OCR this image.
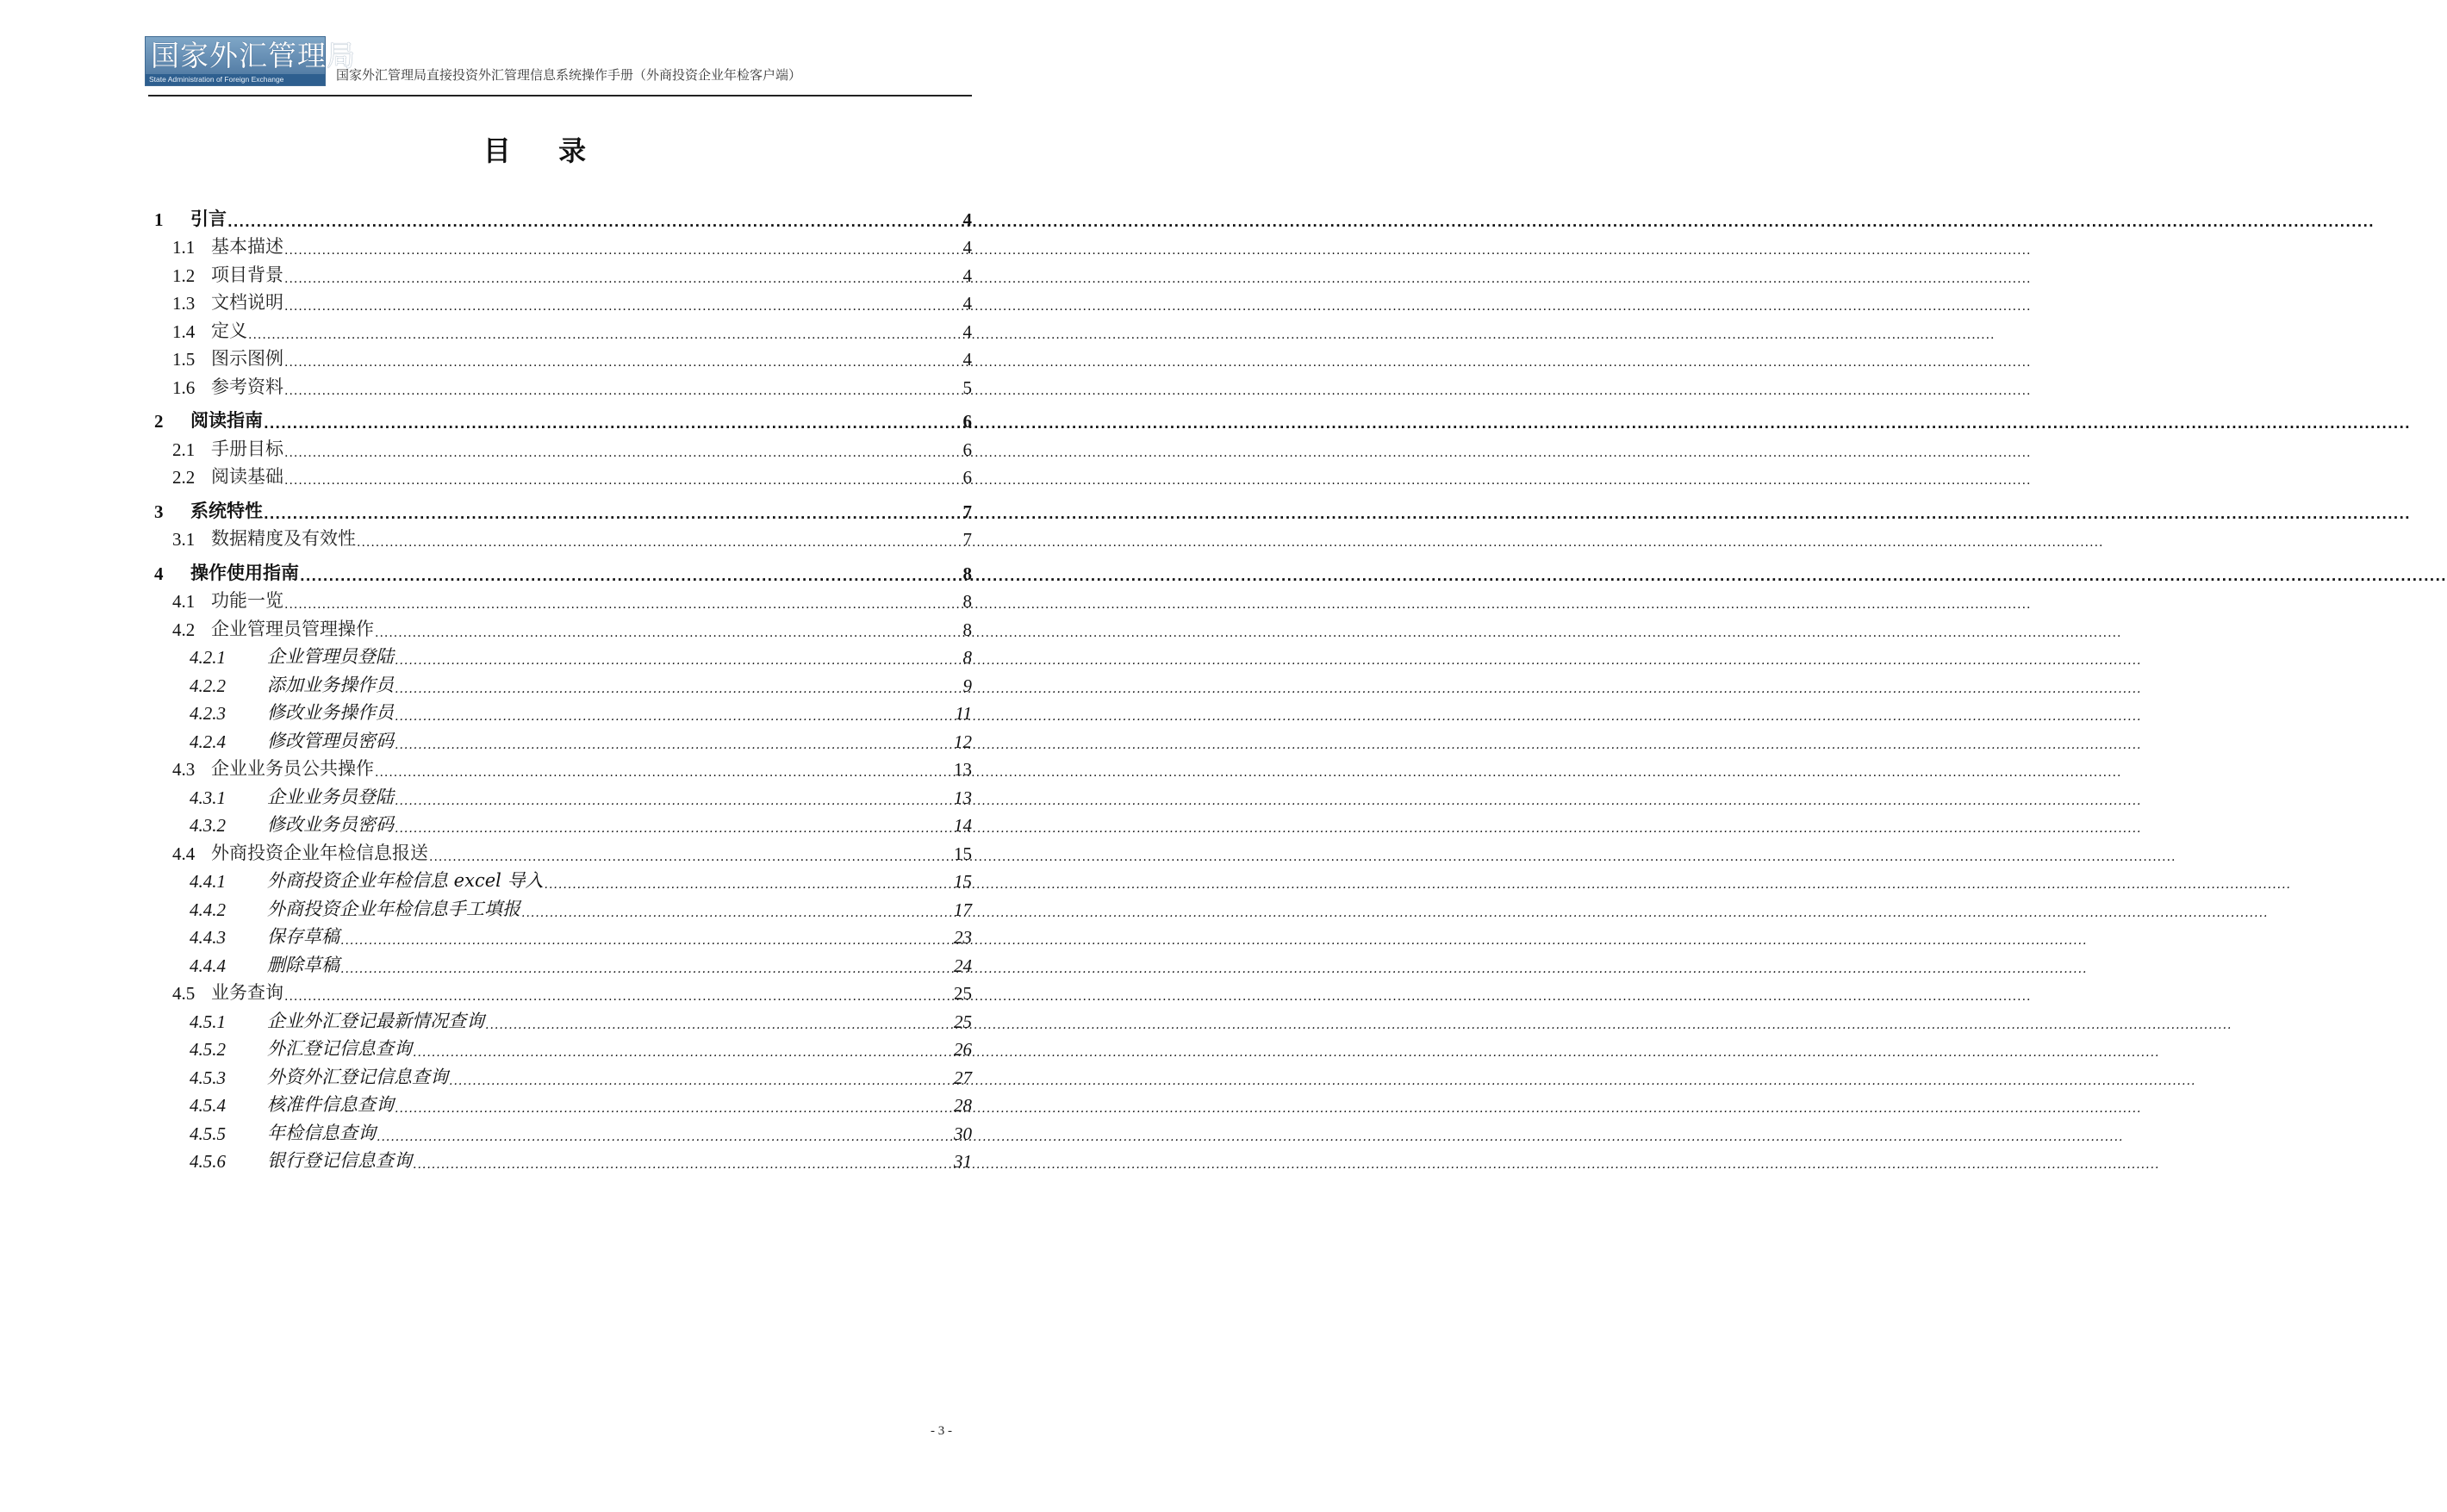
国家外汇管理局
State Administration of Foreign Exchange	国家外汇管理局直接投资外汇管理信息系统操作手册（外商投资企业年检客户端）
目 录
1	引言 .....	4
1.1 基本描述 .....	4
1.2 项目背景 .....	4
1.3 文档说明 .....	4
1.4 定义 .....	4
1.5 图示图例 .....	4
1.6 参考资料 .....	5
2	阅读指南 .....	6
2.1 手册目标 .....	6
2.2 阅读基础 .....	6
3	系统特性 .....	7
3.1 数据精度及有效性 .....	7
4	操作使用指南 .....	8
4.1 功能一览 .....	8
4.2 企业管理员管理操作 .....	8
4.2.1	企业管理员登陆 .....	8
4.2.2	添加业务操作员 .....	9
4.2.3	修改业务操作员 .....	11
4.2.4	修改管理员密码 .....	12
4.3 企业业务员公共操作 .....	13
4.3.1	企业业务员登陆 .....	13
4.3.2	修改业务员密码 .....	14
4.4 外商投资企业年检信息报送 .....	15
4.4.1	外商投资企业年检信息 excel 导入 .....	15
4.4.2	外商投资企业年检信息手工填报 .....	17
4.4.3	保存草稿 .....	23
4.4.4	删除草稿 .....	24
4.5 业务查询 .....	25
4.5.1	企业外汇登记最新情况查询 .....	25
4.5.2	外汇登记信息查询 .....	26
4.5.3	外资外汇登记信息查询 .....	27
4.5.4	核准件信息查询 .....	28
4.5.5	年检信息查询 .....	30
4.5.6	银行登记信息查询 .....	31
- 3 -
